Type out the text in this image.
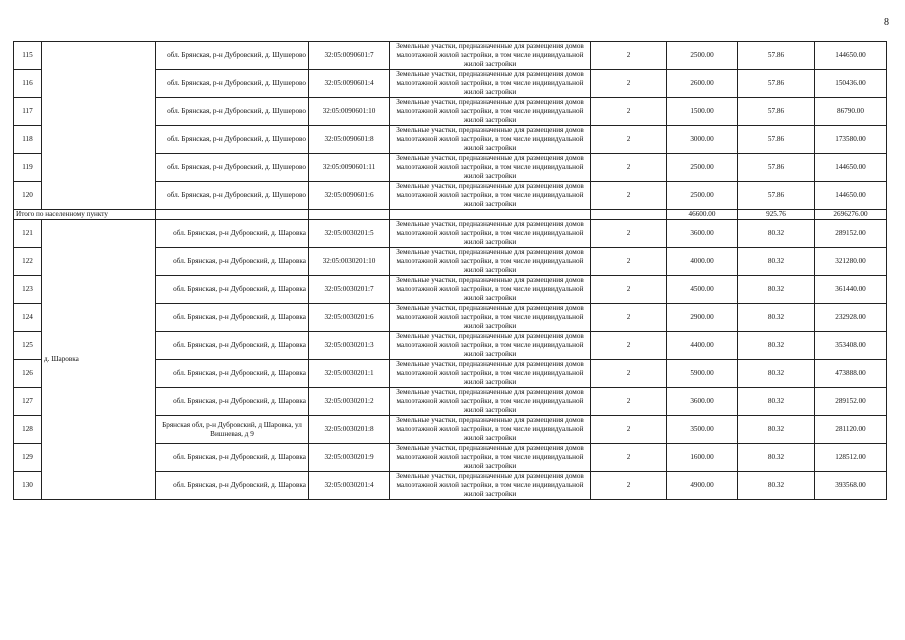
8
115		обл. Брянская, р-н Дубровский, д. Шушерово	32:05:0090601:7	Земельные участки, предназначенные для размещения домов малоэтажной жилой застройки, в том числе индивидуальной жилой застройки	2	2500.00	57.86	144650.00
116		обл. Брянская, р-н Дубровский, д. Шушерово	32:05:0090601:4	Земельные участки, предназначенные для размещения домов малоэтажной жилой застройки, в том числе индивидуальной жилой застройки	2	2600.00	57.86	150436.00
117		обл. Брянская, р-н Дубровский, д. Шушерово	32:05:0090601:10	Земельные участки, предназначенные для размещения домов малоэтажной жилой застройки, в том числе индивидуальной жилой застройки	2	1500.00	57.86	86790.00
118		обл. Брянская, р-н Дубровский, д. Шушерово	32:05:0090601:8	Земельные участки, предназначенные для размещения домов малоэтажной жилой застройки, в том числе индивидуальной жилой застройки	2	3000.00	57.86	173580.00
119		обл. Брянская, р-н Дубровский, д. Шушерово	32:05:0090601:11	Земельные участки, предназначенные для размещения домов малоэтажной жилой застройки, в том числе индивидуальной жилой застройки	2	2500.00	57.86	144650.00
120		обл. Брянская, р-н Дубровский, д. Шушерово	32:05:0090601:6	Земельные участки, предназначенные для размещения домов малоэтажной жилой застройки, в том числе индивидуальной жилой застройки	2	2500.00	57.86	144650.00
Итого по населенному пункту						46600.00	925.76	2696276.00
121	д. Шаровка	обл. Брянская, р-н Дубровский, д. Шаровка	32:05:0030201:5	Земельные участки, предназначенные для размещения домов малоэтажной жилой застройки, в том числе индивидуальной жилой застройки	2	3600.00	80.32	289152.00
122		обл. Брянская, р-н Дубровский, д. Шаровка	32:05:0030201:10	Земельные участки, предназначенные для размещения домов малоэтажной жилой застройки, в том числе индивидуальной жилой застройки	2	4000.00	80.32	321280.00
123		обл. Брянская, р-н Дубровский, д. Шаровка	32:05:0030201:7	Земельные участки, предназначенные для размещения домов малоэтажной жилой застройки, в том числе индивидуальной жилой застройки	2	4500.00	80.32	361440.00
124		обл. Брянская, р-н Дубровский, д. Шаровка	32:05:0030201:6	Земельные участки, предназначенные для размещения домов малоэтажной жилой застройки, в том числе индивидуальной жилой застройки	2	2900.00	80.32	232928.00
125		обл. Брянская, р-н Дубровский, д. Шаровка	32:05:0030201:3	Земельные участки, предназначенные для размещения домов малоэтажной жилой застройки, в том числе индивидуальной жилой застройки	2	4400.00	80.32	353408.00
126		обл. Брянская, р-н Дубровский, д. Шаровка	32:05:0030201:1	Земельные участки, предназначенные для размещения домов малоэтажной жилой застройки, в том числе индивидуальной жилой застройки	2	5900.00	80.32	473888.00
127		обл. Брянская, р-н Дубровский, д. Шаровка	32:05:0030201:2	Земельные участки, предназначенные для размещения домов малоэтажной жилой застройки, в том числе индивидуальной жилой застройки	2	3600.00	80.32	289152.00
128		Брянская обл, р-н Дубровский, д Шаровка, ул Вишневая, д 9	32:05:0030201:8	Земельные участки, предназначенные для размещения домов малоэтажной жилой застройки, в том числе индивидуальной жилой застройки	2	3500.00	80.32	281120.00
129		обл. Брянская, р-н Дубровский, д. Шаровка	32:05:0030201:9	Земельные участки, предназначенные для размещения домов малоэтажной жилой застройки, в том числе индивидуальной жилой застройки	2	1600.00	80.32	128512.00
130		обл. Брянская, р-н Дубровский, д. Шаровка	32:05:0030201:4	Земельные участки, предназначенные для размещения домов малоэтажной жилой застройки, в том числе индивидуальной жилой застройки	2	4900.00	80.32	393568.00
